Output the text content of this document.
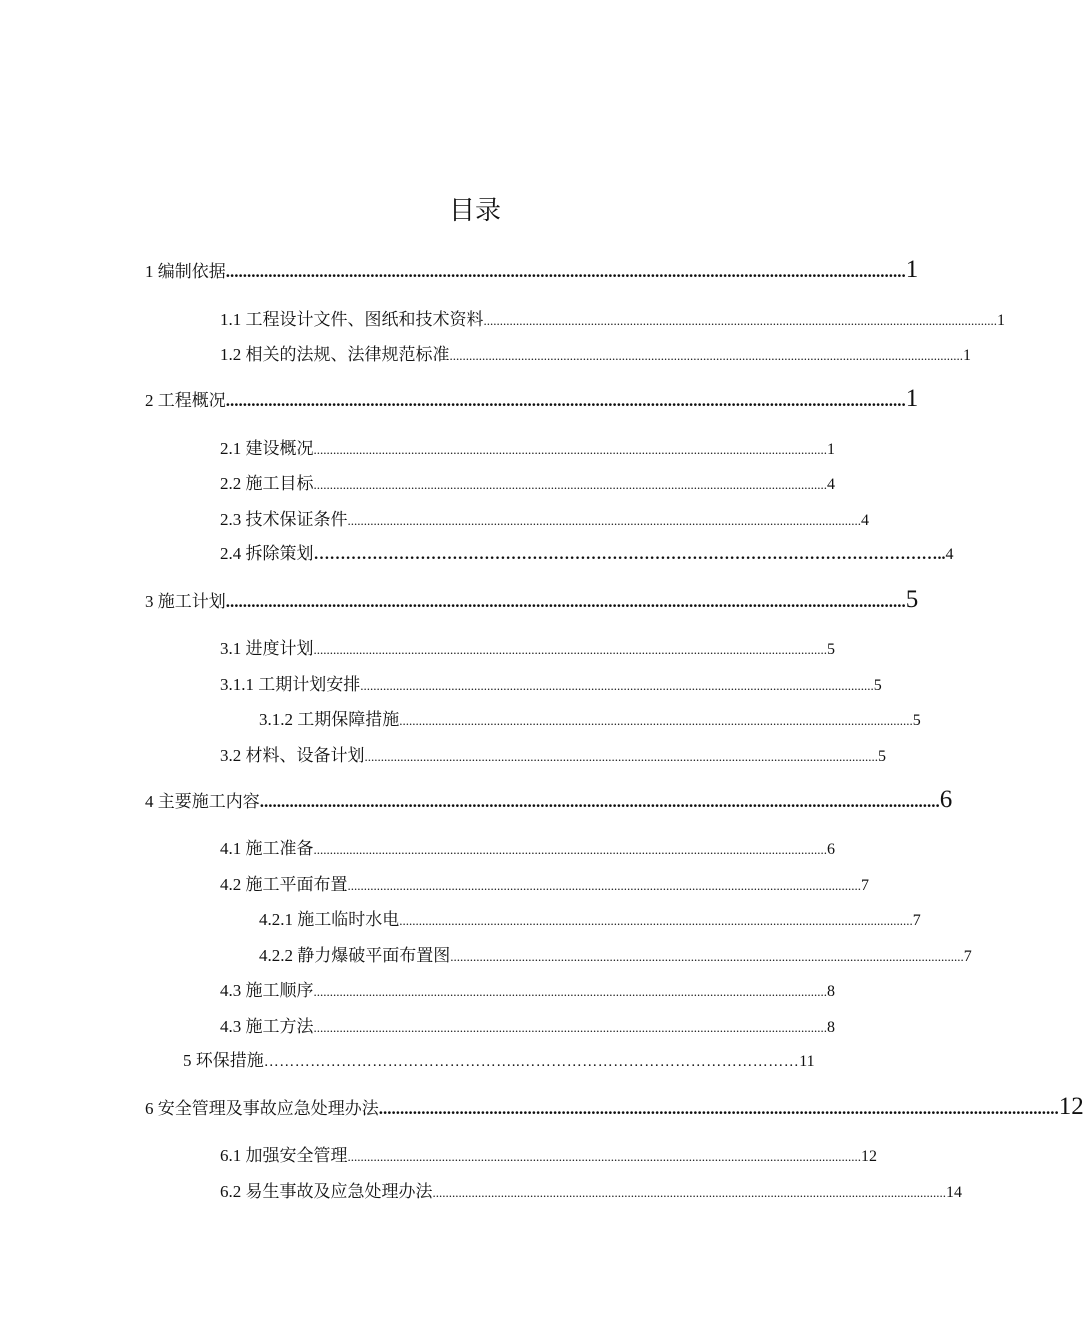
目录
1 编制依据 ................................................................................................................................................................ 1
1.1 工程设计文件、图纸和技术资料 .............................................................................................................................................................. 1
1.2 相关的法规、法律规范标准 .............................................................................................................................................................. 1
2 工程概况 ................................................................................................................................................................ 1
2.1 建设概况 .............................................................................................................................................................. 1
2.2 施工目标 .............................................................................................................................................................. 4
2.3 技术保证条件 .............................................................................................................................................................. 4
2.4 拆除策划 ……………………………………………………………………………………………………….. 4
3 施工计划 ................................................................................................................................................................ 5
3.1 进度计划 .............................................................................................................................................................. 5
3.1.1 工期计划安排 .............................................................................................................................................................. 5
3.1.2 工期保障措施 .............................................................................................................................................................. 5
3.2 材料、设备计划 .............................................................................................................................................................. 5
4 主要施工内容 ................................................................................................................................................................ 6
4.1 施工准备 .............................................................................................................................................................. 6
4.2 施工平面布置 .............................................................................................................................................................. 7
4.2.1 施工临时水电 .............................................................................................................................................................. 7
4.2.2 静力爆破平面布置图 .............................................................................................................................................................. 7
4.3 施工顺序 .............................................................................................................................................................. 8
4.3 施工方法 .............................................................................................................................................................. 8
5 环保措施 …………………………………………..……………………………………………… 11
6 安全管理及事故应急处理办法 ................................................................................................................................................................ 12
6.1 加强安全管理 .............................................................................................................................................................. 12
6.2 易生事故及应急处理办法 .............................................................................................................................................................. 14
